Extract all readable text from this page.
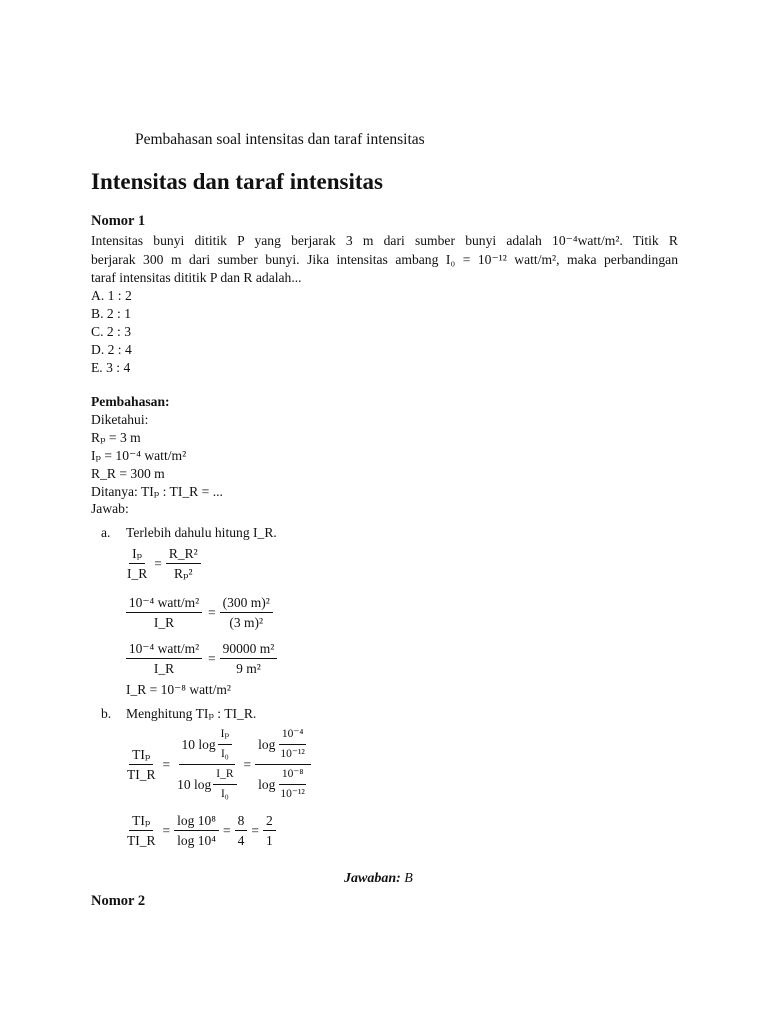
Pembahasan soal intensitas dan taraf intensitas
Intensitas dan taraf intensitas
Nomor 1
Intensitas bunyi dititik P yang berjarak 3 m dari sumber bunyi adalah 10⁻⁴watt/m². Titik R
berjarak 300 m dari sumber bunyi. Jika intensitas ambang I₀ = 10⁻¹² watt/m², maka perbandingan
taraf intensitas dititik P dan R adalah...
A. 1 : 2
B. 2 : 1
C. 2 : 3
D. 2 : 4
E. 3 : 4
Pembahasan:
Diketahui:
Rₚ = 3 m
Iₚ = 10⁻⁴ watt/m²
R_R = 300 m
Ditanya: TIₚ : TI_R = ...
Jawab:
a. Terlebih dahulu hitung I_R.
$\frac{\text{Iₚ}}{I\_R} = \frac{\text{R\_R²}}{\text{Rₚ²}}$
$\frac{\text{10⁻⁴ watt/m²}}{I\_R} = \frac{\text{(300 m)²}}{\text{(3 m)²}}$
$\frac{\text{10⁻⁴ watt/m²}}{I\_R} = \frac{\text{90000 m²}}{\text{9 m²}}$
I_R = 10⁻⁸ watt/m²
b. Menghitung TIₚ : TI_R.
$\frac{\text{TIₚ}}{TI\_R} = \frac{10 \log \frac{\text{Iₚ}}{\text{I₀}}}{10 \log \frac{I\_R}{\text{I₀}}} = \frac{\log \frac{\text{10⁻⁴}}{\text{10⁻¹²}}}{\log \frac{\text{10⁻⁸}}{\text{10⁻¹²}}}$
$\frac{\text{TIₚ}}{TI\_R} = \frac{\text{log 10⁸}}{\text{log 10⁴}} = \frac{8}{4} = \frac{2}{1}$
Jawaban: B
Nomor 2
